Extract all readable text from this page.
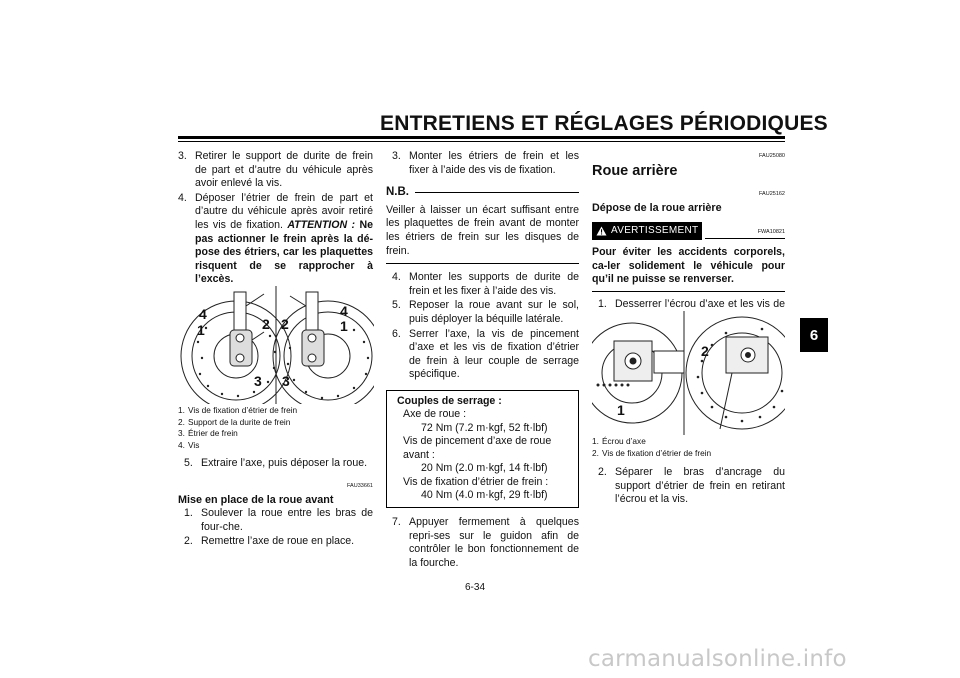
ENTRETIENS ET RÉGLAGES PÉRIODIQUES
3. Retirer le support de durite de frein de part et d’autre du véhicule après avoir enlevé la vis.
4. Déposer l’étrier de frein de part et d’autre du véhicule après avoir retiré les vis de fixation. ATTENTION : Ne pas actionner le frein après la dé-pose des étriers, car les plaquettes risquent de se rapprocher à l’excès.
4
1	2
3
2
4
1
3
1. Vis de fixation d’étrier de frein
2. Support de la durite de frein
3. Étrier de frein
4. Vis
5. Extraire l’axe, puis déposer la roue.
FAU33661
Mise en place de la roue avant
1. Soulever la roue entre les bras de four-che.
2. Remettre l’axe de roue en place.
3. Monter les étriers de frein et les fixer à l’aide des vis de fixation.
N.B.

Veiller à laisser un écart suffisant entre les plaquettes de frein avant de monter les étriers de frein sur les disques de frein.

4. Monter les supports de durite de frein et les fixer à l’aide des vis.
5. Reposer la roue avant sur le sol, puis déployer la béquille latérale.
6. Serrer l’axe, la vis de pincement d’axe et les vis de fixation d’étrier de frein à leur couple de serrage spécifique.
Couples de serrage :
Axe de roue :
72 Nm (7.2 m·kgf, 52 ft·lbf)
Vis de pincement d’axe de roue
avant :
20 Nm (2.0 m·kgf, 14 ft·lbf)
Vis de fixation d’étrier de frein :
40 Nm (4.0 m·kgf, 29 ft·lbf)
7. Appuyer fermement à quelques repri-ses sur le guidon afin de contrôler le bon fonctionnement de la fourche.
FAU25080
Roue arrière
FAU25162
Dépose de la roue arrière
AVERTISSEMENT	FWA10821

Pour éviter les accidents corporels, ca-ler solidement le véhicule pour qu’il ne puisse se renverser.

1. Desserrer l’écrou d’axe et les vis de
2
1
1. Écrou d’axe
2. Vis de fixation d’étrier de frein
2. Séparer le bras d’ancrage du support d’étrier de frein en retirant l’écrou et la vis.
6
6-34
carmanualsonline.info
